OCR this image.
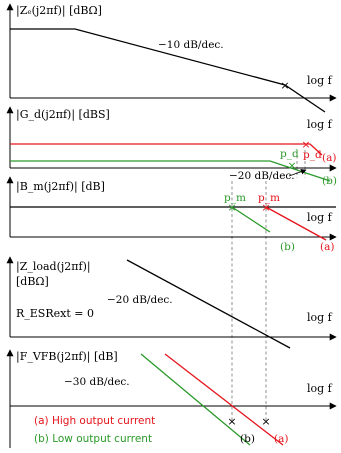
×
|Zₑ(j2πf)| [dBΩ]
−10 dB/dec.
log f
×
×
|G_d(j2πf)| [dBS]
log f
p_d p_d (a)
(b)
−20 dB/dec.
× ×
|B_m(j2πf)| [dB]
log f
p_m p_m
(b) (a)
|Z_load(j2πf)|
[dBΩ]
−20 dB/dec.
R_ESRext = 0	log f
× ×
|F_VFB(j2πf)| [dB]
−30 dB/dec.	log f
(a) High output current
(b) Low output current	(b) (a)
